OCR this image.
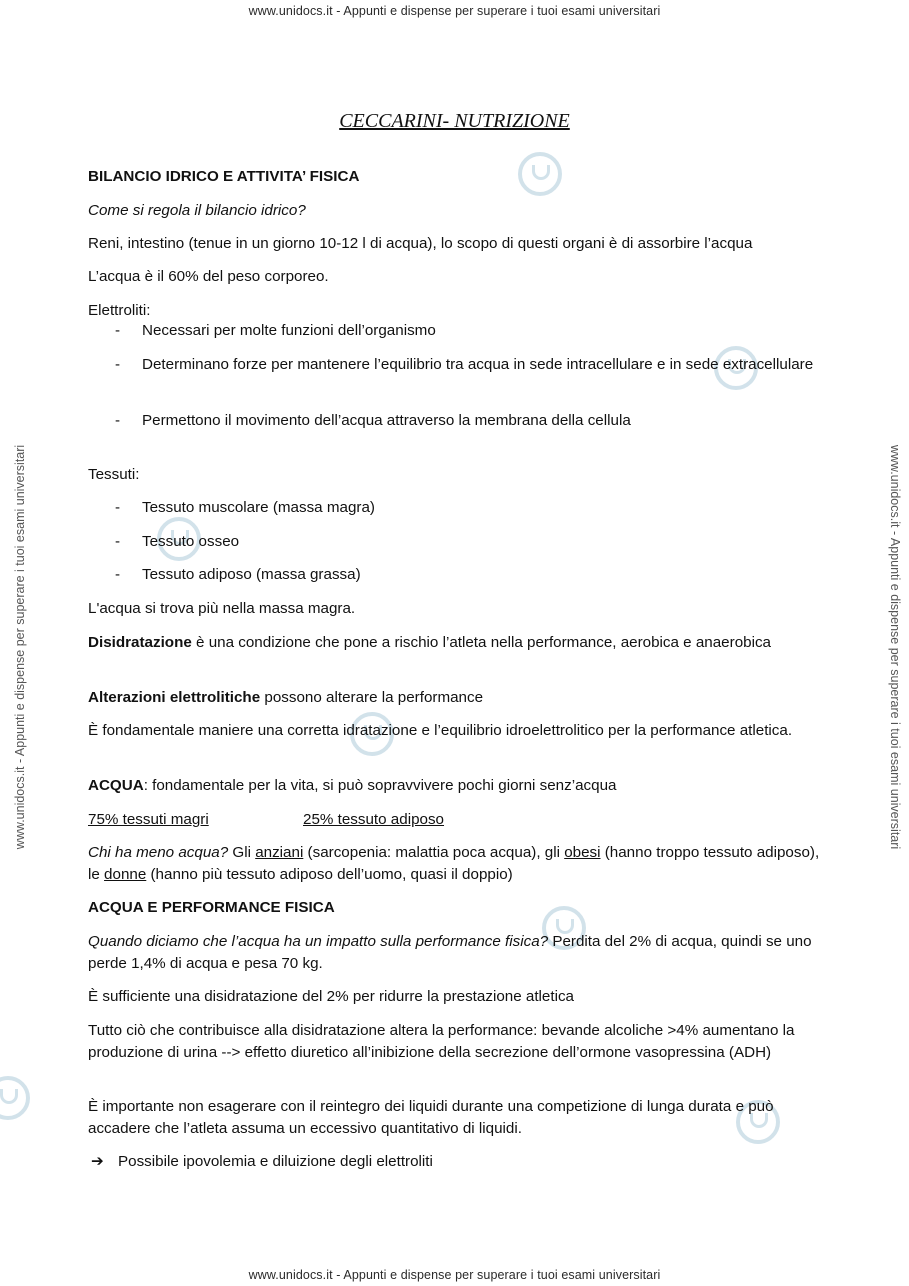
www.unidocs.it - Appunti e dispense per superare i tuoi esami universitari
www.unidocs.it - Appunti e dispense per superare i tuoi esami universitari
www.unidocs.it - Appunti e dispense per superare i tuoi esami universitari	www.unidocs.it - Appunti e dispense per superare i tuoi esami universitari
CECCARINI- NUTRIZIONE
BILANCIO IDRICO E ATTIVITA’ FISICA
Come si regola il bilancio idrico?
Reni, intestino (tenue in un giorno 10-12 l di acqua), lo scopo di questi organi è di assorbire l’acqua
L’acqua è il 60% del peso corporeo.
Elettroliti:
- Necessari per molte funzioni dell’organismo
- Determinano forze per mantenere l’equilibrio tra acqua in sede intracellulare e in sede extracellulare
- Permettono il movimento dell’acqua attraverso la membrana della cellula
Tessuti:
- Tessuto muscolare (massa magra)
- Tessuto osseo
- Tessuto adiposo (massa grassa)
L'acqua si trova più nella massa magra.
Disidratazione è una condizione che pone a rischio l’atleta nella performance, aerobica e anaerobica
Alterazioni elettrolitiche possono alterare la performance
È fondamentale maniere una corretta idratazione e l’equilibrio idroelettrolitico per la performance atletica.
ACQUA: fondamentale per la vita, si può sopravvivere pochi giorni senz’acqua
75% tessuti magri	25% tessuto adiposo
Chi ha meno acqua? Gli anziani (sarcopenia: malattia poca acqua), gli obesi (hanno troppo tessuto adiposo), le donne (hanno più tessuto adiposo dell’uomo, quasi il doppio)
ACQUA E PERFORMANCE FISICA
Quando diciamo che l’acqua ha un impatto sulla performance fisica? Perdita del 2% di acqua, quindi se uno perde 1,4% di acqua e pesa 70 kg.
È sufficiente una disidratazione del 2% per ridurre la prestazione atletica
Tutto ciò che contribuisce alla disidratazione altera la performance: bevande alcoliche >4% aumentano la produzione di urina --> effetto diuretico all’inibizione della secrezione dell’ormone vasopressina (ADH)
È importante non esagerare con il reintegro dei liquidi durante una competizione di lunga durata e può accadere che l’atleta assuma un eccessivo quantitativo di liquidi.
➔ Possibile ipovolemia e diluizione degli elettroliti
